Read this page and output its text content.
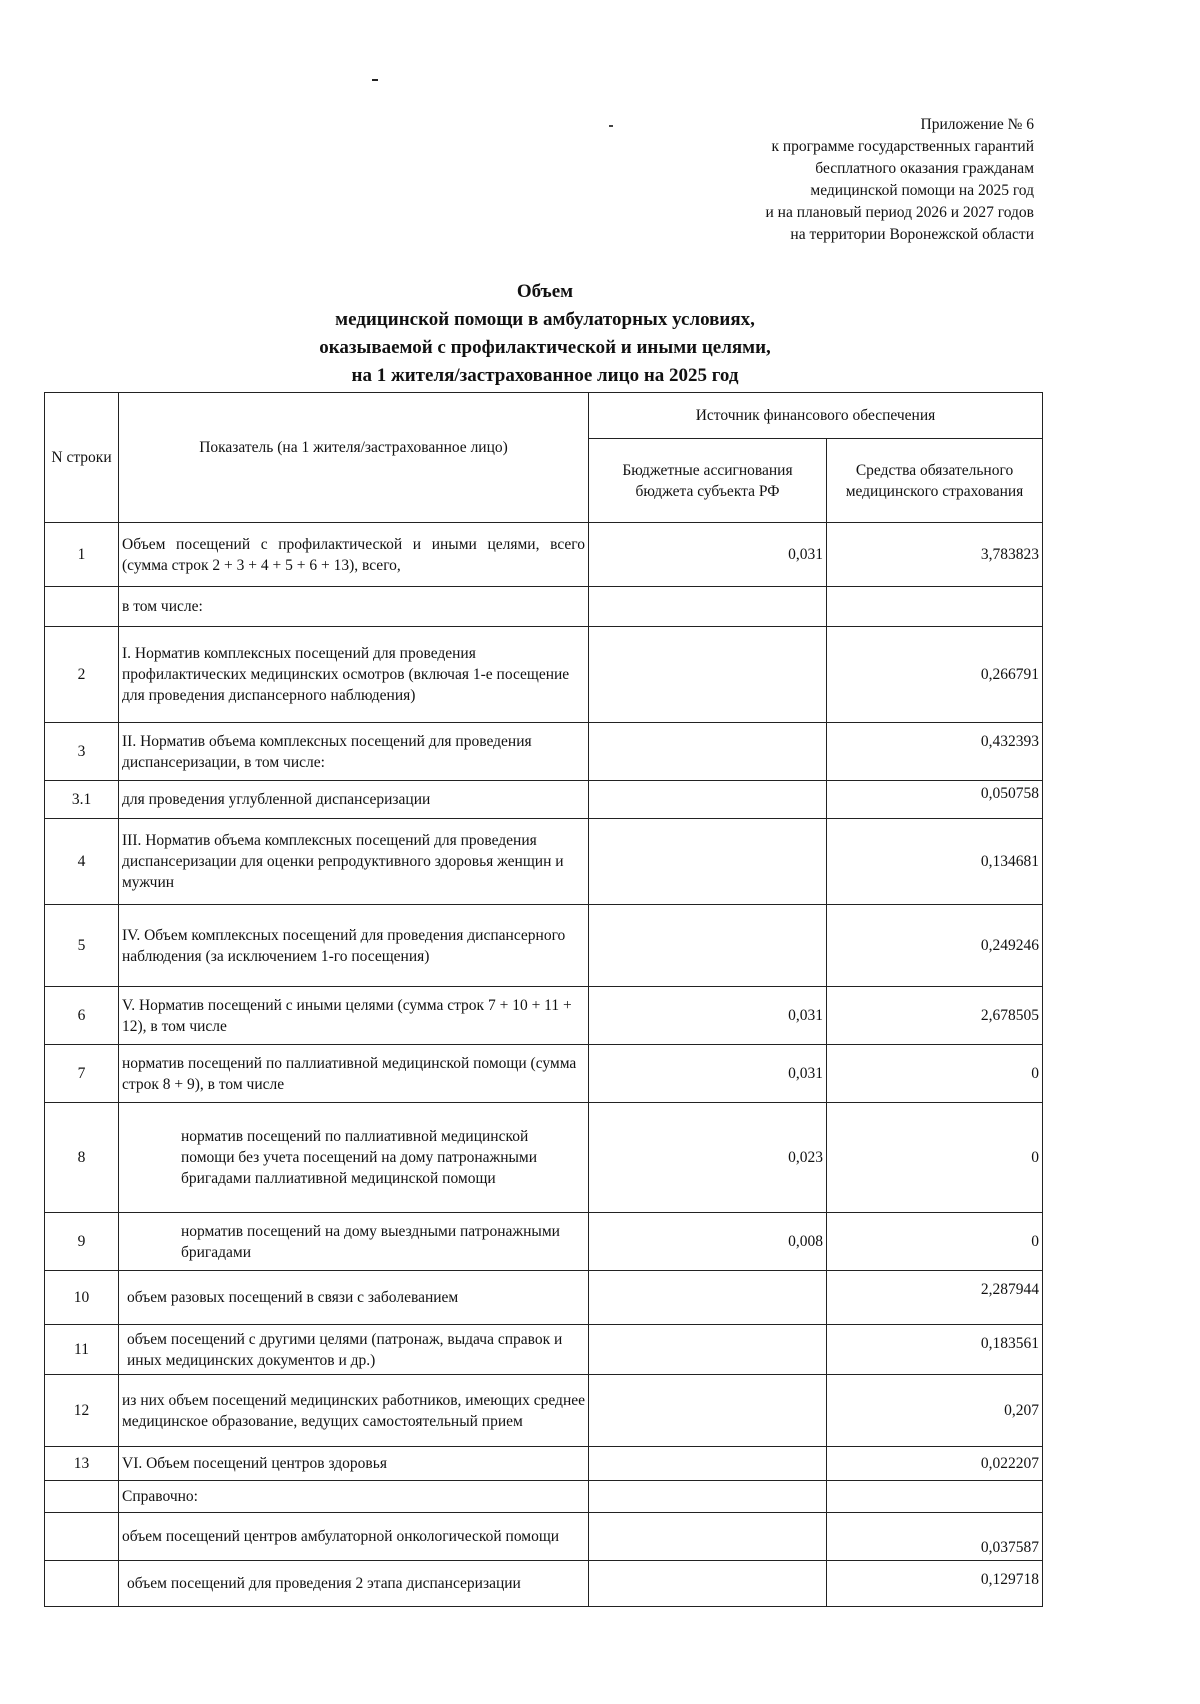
Приложение № 6
к программе государственных гарантий
бесплатного оказания гражданам
медицинской помощи на 2025 год
и на плановый период 2026 и 2027 годов
на территории Воронежской области
Объем
медицинской помощи в амбулаторных условиях,
оказываемой с профилактической и иными целями,
на 1 жителя/застрахованное лицо на 2025 год
N строки	Показатель (на 1 жителя/застрахованное лицо)	Источник финансового обеспечения	
		Бюджетные ассигнования бюджета субъекта РФ	Средства обязательного медицинского страхования
1	Объем посещений с профилактической и иными целями, всего (сумма строк 2 + 3 + 4 + 5 + 6 + 13), всего,	0,031	3,783823
	в том числе:		
2	I. Норматив комплексных посещений для проведения профилактических медицинских осмотров (включая 1-е посещение для проведения диспансерного наблюдения)		0,266791
3	II. Норматив объема комплексных посещений для проведения диспансеризации, в том числе:		0,432393
3.1	для проведения углубленной диспансеризации		0,050758
4	III. Норматив объема комплексных посещений для проведения диспансеризации для оценки репродуктивного здоровья женщин и мужчин		0,134681
5	IV. Объем комплексных посещений для проведения диспансерного наблюдения (за исключением 1-го посещения)		0,249246
6	V. Норматив посещений с иными целями (сумма строк 7 + 10 + 11 + 12), в том числе	0,031	2,678505
7	норматив посещений по паллиативной медицинской помощи (сумма строк 8 + 9), в том числе	0,031	0
8	норматив посещений по паллиативной медицинской помощи без учета посещений на дому патронажными бригадами паллиативной медицинской помощи	0,023	0
9	норматив посещений на дому выездными патронажными бригадами	0,008	0
10	объем разовых посещений в связи с заболеванием		2,287944
11	объем посещений с другими целями (патронаж, выдача справок и иных медицинских документов и др.)		0,183561
12	из них объем посещений медицинских работников, имеющих среднее медицинское образование, ведущих самостоятельный прием		0,207
13	VI. Объем посещений центров здоровья		0,022207
	Справочно:		
	объем посещений центров амбулаторной онкологической помощи		0,037587
	объем посещений для проведения 2 этапа диспансеризации		0,129718
